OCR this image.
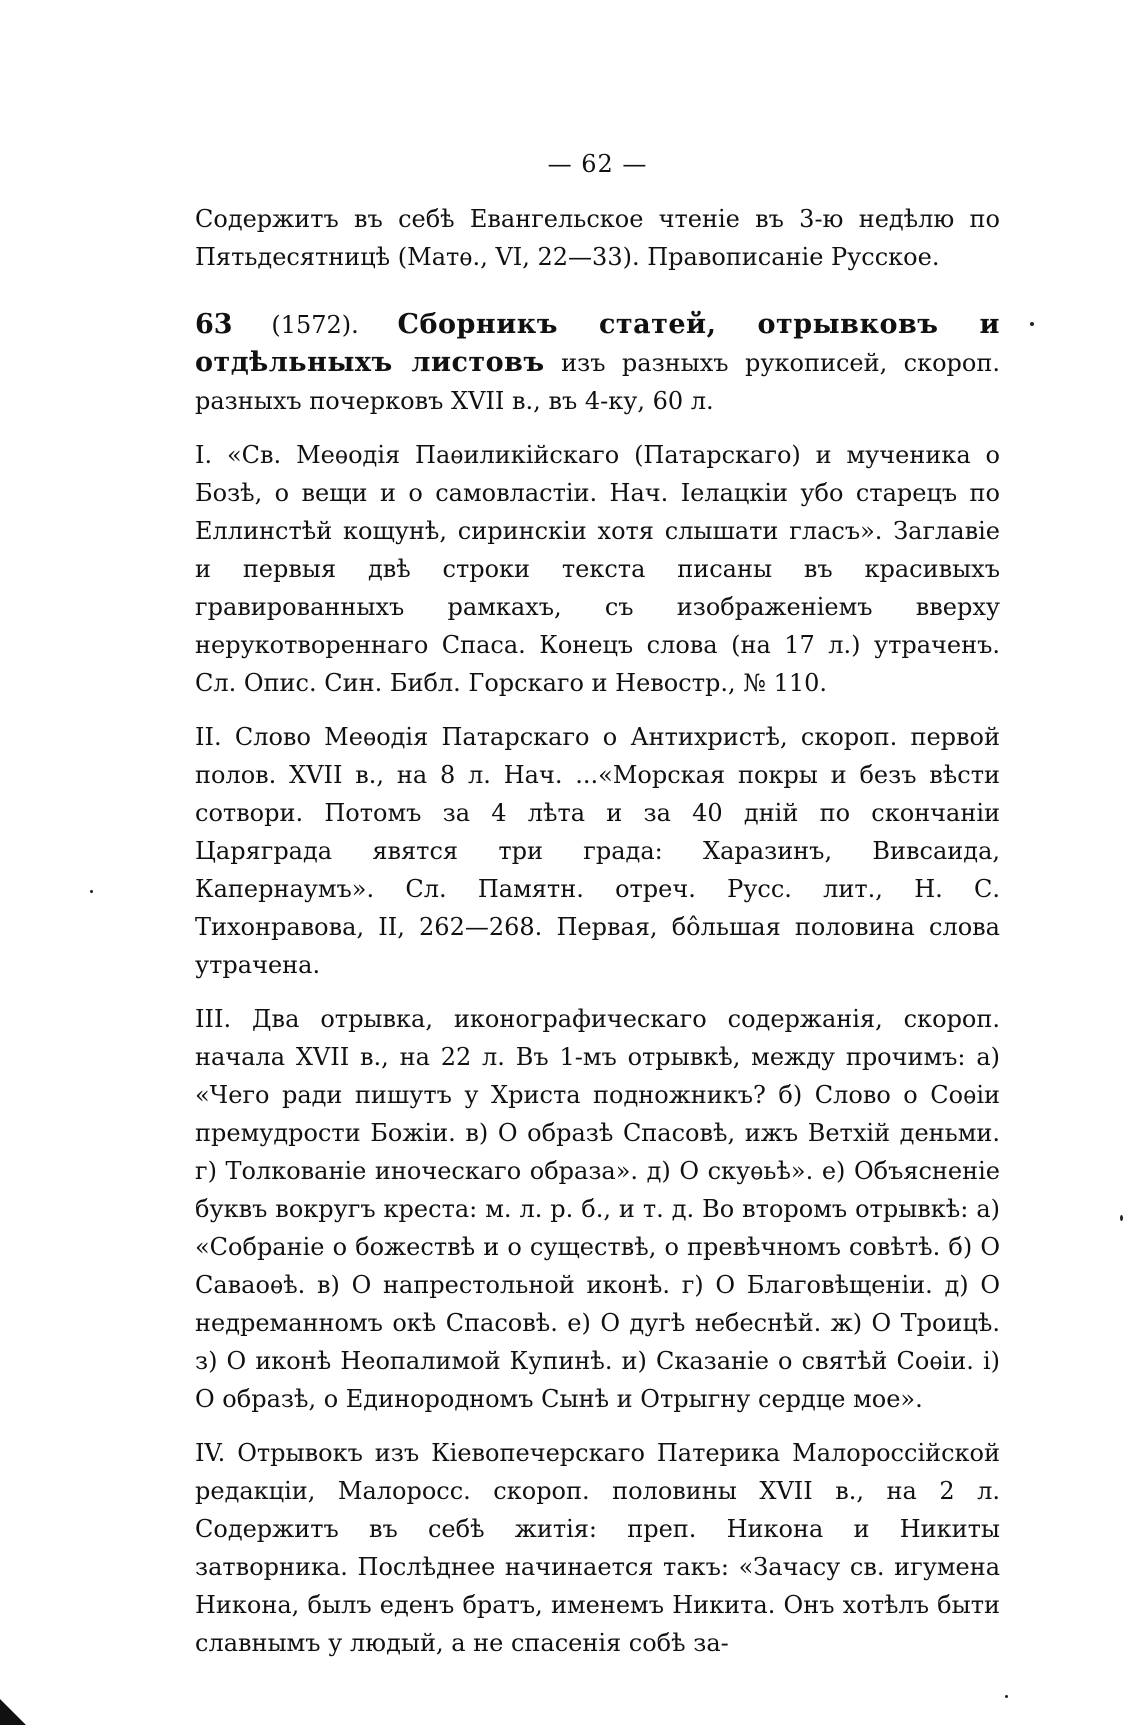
— 62 —

Содержитъ въ себѣ Евангельское чтеніе въ 3-ю недѣлю по Пятьдесятницѣ (Матѳ., VI, 22—33). Правописаніе Русское.

63 (1572). Сборникъ статей, отрывковъ и отдѣльныхъ листовъ изъ разныхъ рукописей, скороп. разныхъ почерковъ XVII в., въ 4-ку, 60 л.

I. «Св. Меѳодія Паѳиликійскаго (Патарскаго) и мученика о Бозѣ, о вещи и о самовластіи. Нач. Іелацкіи убо старецъ по Еллинстѣй кощунѣ, сиринскіи хотя слышати гласъ». Заглавіе и первыя двѣ строки текста писаны въ красивыхъ гравированныхъ рамкахъ, съ изображеніемъ вверху нерукотвореннаго Спаса. Конецъ слова (на 17 л.) утраченъ. Сл. Опис. Син. Библ. Горскаго и Невостр., № 110.

II. Слово Меѳодія Патарскаго о Антихристѣ, скороп. первой полов. XVII в., на 8 л. Нач. ...«Морская покры и безъ вѣсти сотвори. Потомъ за 4 лѣта и за 40 дній по скончаніи Царяграда явятся три града: Харазинъ, Вивсаида, Капернаумъ». Сл. Памятн. отреч. Русс. лит., Н. С. Тихонравова, II, 262—268. Первая, бо̂льшая половина слова утрачена.

III. Два отрывка, иконографическаго содержанія, скороп. начала XVII в., на 22 л. Въ 1-мъ отрывкѣ, между прочимъ: а) «Чего ради пишутъ у Христа подножникъ? б) Слово о Соѳіи премудрости Божіи. в) О образѣ Спасовѣ, ижъ Ветхій деньми. г) Толкованіе иноческаго образа». д) О скуѳьѣ». е) Объясненіе буквъ вокругъ креста: м. л. р. б., и т. д. Во второмъ отрывкѣ: а) «Собраніе о божествѣ и о существѣ, о превѣчномъ совѣтѣ. б) О Саваоѳѣ. в) О напрестольной иконѣ. г) О Благовѣщеніи. д) О недреманномъ окѣ Спасовѣ. е) О дугѣ небеснѣй. ж) О Троицѣ. з) О иконѣ Неопалимой Купинѣ. и) Сказаніе о святѣй Соѳіи. і) О образѣ, о Единородномъ Сынѣ и Отрыгну сердце мое».

IV. Отрывокъ изъ Кіевопечерскаго Патерика Малороссійской редакціи, Малоросс. скороп. половины XVII в., на 2 л. Содержитъ въ себѣ житія: преп. Никона и Никиты затворника. Послѣднее начинается такъ: «Зачасу св. игумена Никона, былъ еденъ братъ, именемъ Никита. Онъ хотѣлъ быти славнымъ у людый, а не спасенія собѣ за-
